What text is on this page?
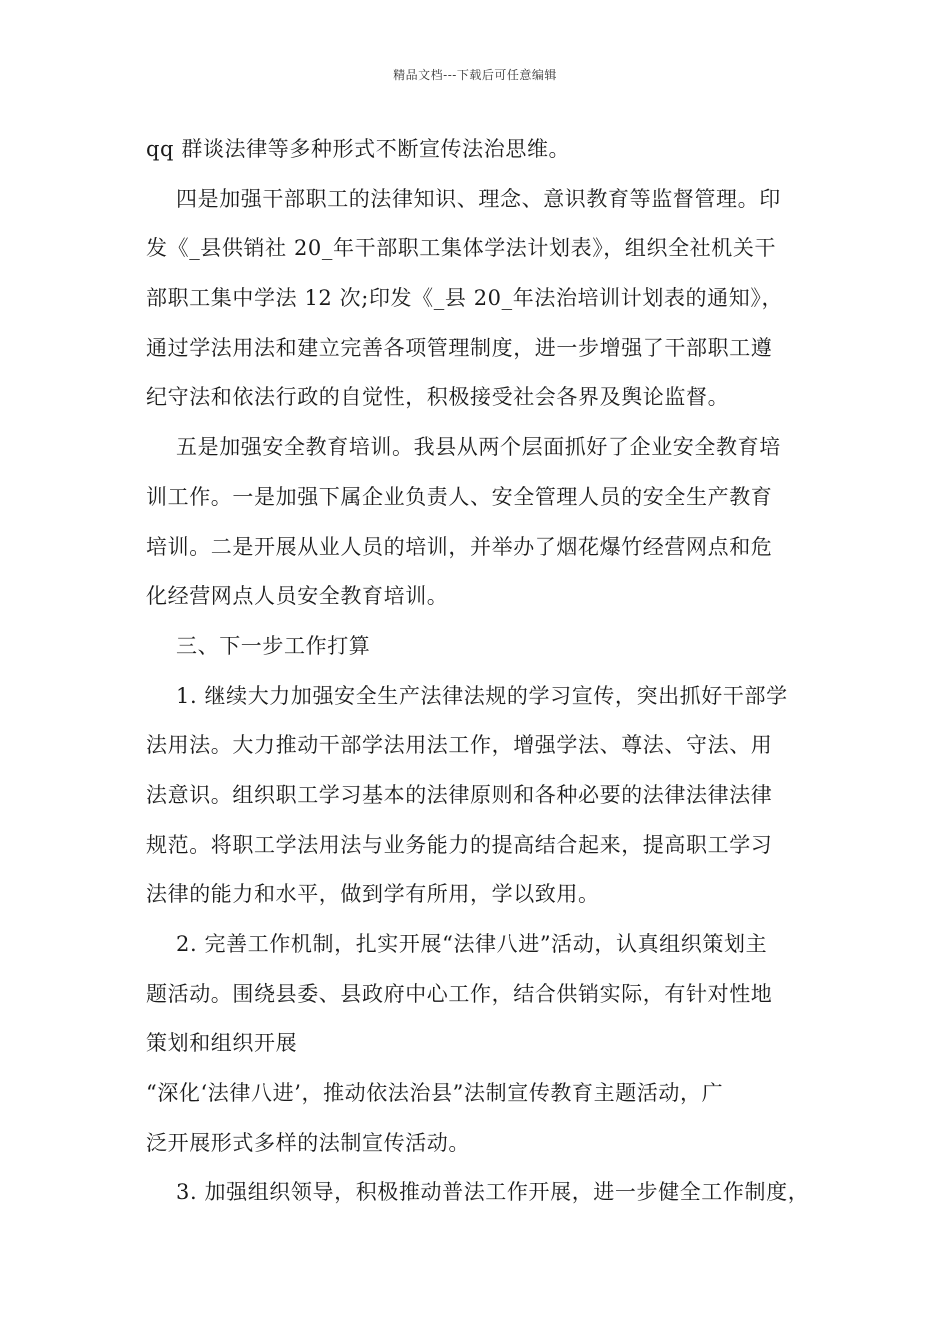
精品文档---下载后可任意编辑
qq 群谈法律等多种形式不断宣传法治思维。
四是加强干部职工的法律知识、理念、意识教育等监督管理。印
发《_县供销社 20_年干部职工集体学法计划表》，组织全社机关干
部职工集中学法 12 次;印发《_县 20_年法治培训计划表的通知》，
通过学法用法和建立完善各项管理制度，进一步增强了干部职工遵
纪守法和依法行政的自觉性，积极接受社会各界及舆论监督。
五是加强安全教育培训。我县从两个层面抓好了企业安全教育培
训工作。一是加强下属企业负责人、安全管理人员的安全生产教育
培训。二是开展从业人员的培训，并举办了烟花爆竹经营网点和危
化经营网点人员安全教育培训。
三、下一步工作打算
1. 继续大力加强安全生产法律法规的学习宣传，突出抓好干部学
法用法。大力推动干部学法用法工作，增强学法、尊法、守法、用
法意识。组织职工学习基本的法律原则和各种必要的法律法律法律
规范。将职工学法用法与业务能力的提高结合起来，提高职工学习
法律的能力和水平，做到学有所用，学以致用。
2. 完善工作机制，扎实开展“法律八进”活动，认真组织策划主
题活动。围绕县委、县政府中心工作，结合供销实际，有针对性地
策划和组织开展
“深化‘法律八进’，推动依法治县”法制宣传教育主题活动，广
泛开展形式多样的法制宣传活动。
3. 加强组织领导，积极推动普法工作开展，进一步健全工作制度，
